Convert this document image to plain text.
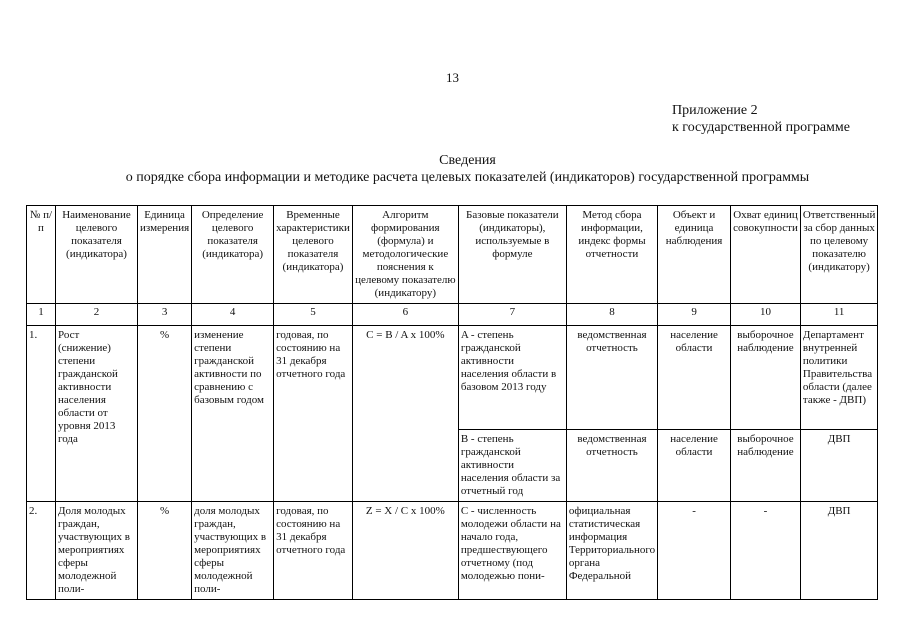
13
Приложение 2
к государственной программе
Сведения
о порядке сбора информации и методике расчета целевых показателей (индикаторов) государственной программы
№ п/п	Наименование целевого показателя (индикатора)	Единица измерения	Определение целевого показателя (индикатора)	Временные характеристики целевого показателя (индикатора)	Алгоритм формирования (формула) и методологические пояснения к целевому показателю (индикатору)	Базовые показатели (индикаторы), используемые в формуле	Метод сбора информации, индекс формы отчетности	Объект и единица наблюдения	Охват единиц совокупности	Ответственный за сбор данных по целевому показателю (индикатору)
1	2	3	4	5	6	7	8	9	10	11
1.	Рост (снижение) степени гражданской активности населения области от уровня 2013 года	%	изменение степени гражданской активности по сравнению с базовым годом	годовая, по состоянию на 31 декабря отчетного года	C = B / A x 100%	A - степень гражданской активности населения области в базовом 2013 году	ведомственная отчетность	население области	выборочное наблюдение	Департамент внутренней политики Правительства области (далее также - ДВП)
						B - степень гражданской активности населения области за отчетный год	ведомственная отчетность	население области	выборочное наблюдение	ДВП
2.	Доля молодых граждан, участвующих в мероприятиях сферы молодежной поли-	%	доля молодых граждан, участвующих в мероприятиях сферы молодежной поли-	годовая, по состоянию на 31 декабря отчетного года	Z = X / C x 100%	C - численность молодежи области на начало года, предшествующего отчетному (под молодежью пони-	официальная статистическая информация Территориального органа Федеральной	-	-	ДВП
